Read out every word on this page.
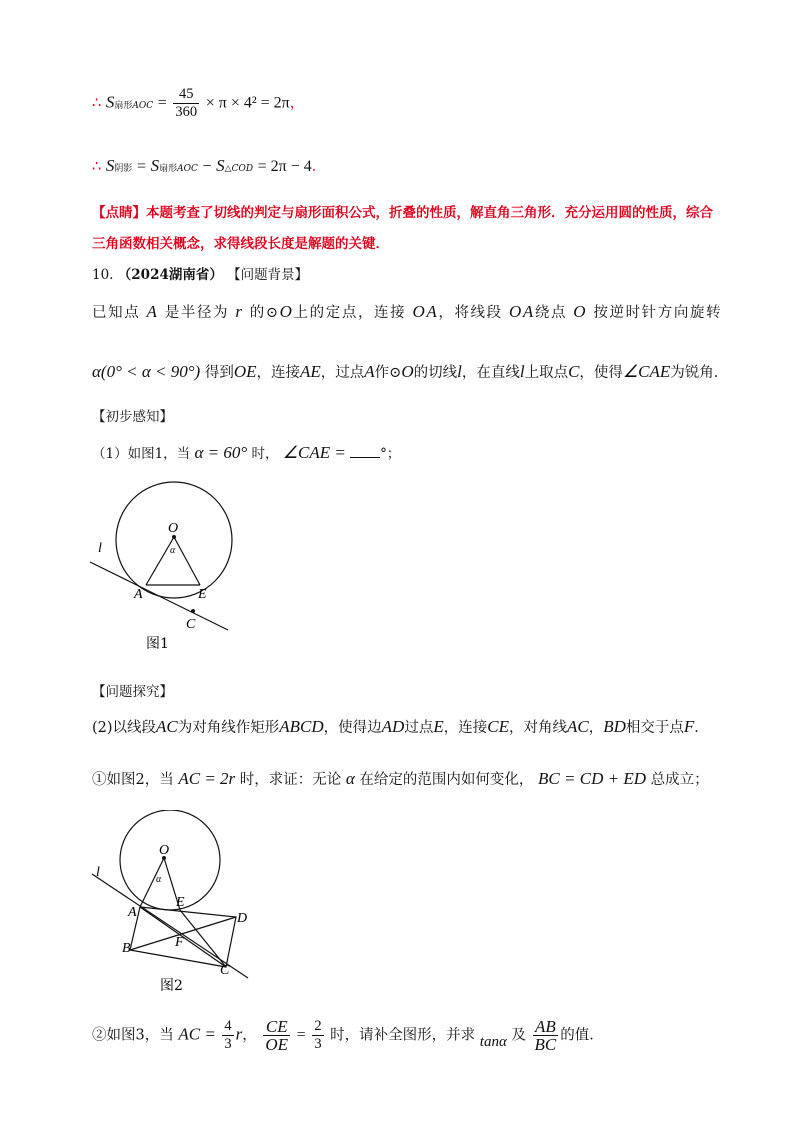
∴ S扇形AOC = $\frac{45}{360} \times \pi \times 4^2 = 2\pi$，
∴ S阴影 = S扇形AOC − S△COD = 2π − 4．
【点睛】本题考查了切线的判定与扇形面积公式，折叠的性质，解直角三角形．充分运用圆的性质，综合
三角函数相关概念，求得线段长度是解题的关键．
10. （2024湖南省） 【问题背景】
已知点 A 是半径为 r 的⊙O上的定点，连接 OA，将线段 OA绕点 O 按逆时针方向旋转
α(0° < α < 90°) 得到OE，连接AE，过点A作⊙O的切线l，在直线l上取点C，使得∠CAE为锐角．
【初步感知】
（1）如图1，当 α = 60° 时， ∠CAE =	°；
O
α
l
A	E
C
图1
【问题探究】
(2)以线段AC为对角线作矩形ABCD，使得边AD过点E，连接CE，对角线AC，BD相交于点F．
①如图2，当 AC = 2r 时，求证：无论 α 在给定的范围内如何变化， BC = CD + ED 总成立；
O
α
l
A
E
D
F
B
C
图2
②如图3，当 AC = $\frac{4}{3}$ r， $\frac{CE}{OE} = \frac{2}{3}$ 时，请补全图形，并求 tanα 及 $\frac{AB}{BC}$ 的值．
